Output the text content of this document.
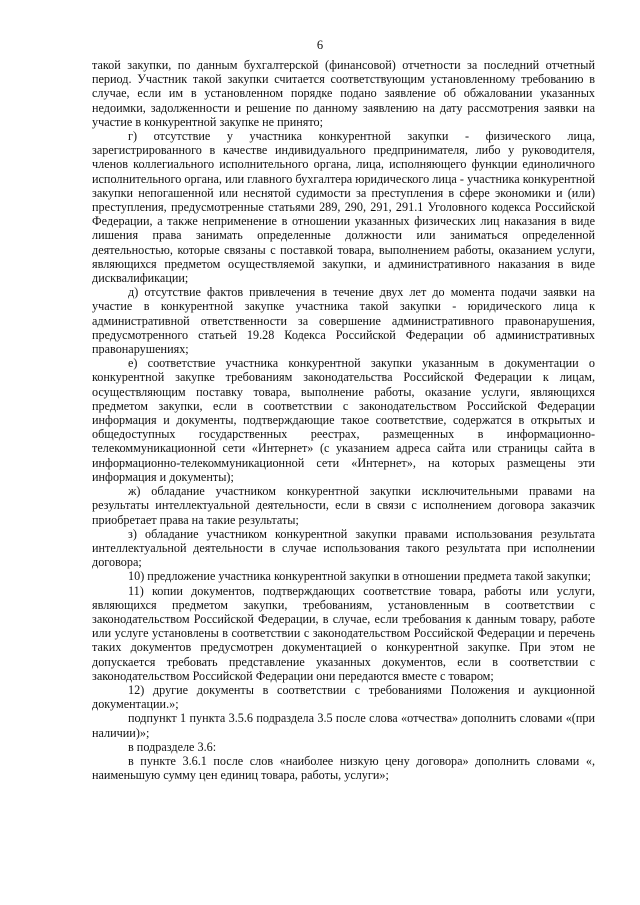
6

такой закупки, по данным бухгалтерской (финансовой) отчетности за последний отчетный период. Участник такой закупки считается соответствующим установленному требованию в случае, если им в установленном порядке подано заявление об обжаловании указанных недоимки, задолженности и решение по данному заявлению на дату рассмотрения заявки на участие в конкурентной закупке не принято;

г) отсутствие у участника конкурентной закупки - физического лица, зарегистрированного в качестве индивидуального предпринимателя, либо у руководителя, членов коллегиального исполнительного органа, лица, исполняющего функции единоличного исполнительного органа, или главного бухгалтера юридического лица - участника конкурентной закупки непогашенной или неснятой судимости за преступления в сфере экономики и (или) преступления, предусмотренные статьями 289, 290, 291, 291.1 Уголовного кодекса Российской Федерации, а также неприменение в отношении указанных физических лиц наказания в виде лишения права занимать определенные должности или заниматься определенной деятельностью, которые связаны с поставкой товара, выполнением работы, оказанием услуги, являющихся предметом осуществляемой закупки, и административного наказания в виде дисквалификации;

д) отсутствие фактов привлечения в течение двух лет до момента подачи заявки на участие в конкурентной закупке участника такой закупки - юридического лица к административной ответственности за совершение административного правонарушения, предусмотренного статьей 19.28 Кодекса Российской Федерации об административных правонарушениях;

е) соответствие участника конкурентной закупки указанным в документации о конкурентной закупке требованиям законодательства Российской Федерации к лицам, осуществляющим поставку товара, выполнение работы, оказание услуги, являющихся предметом закупки, если в соответствии с законодательством Российской Федерации информация и документы, подтверждающие такое соответствие, содержатся в открытых и общедоступных государственных реестрах, размещенных в информационно-телекоммуникационной сети «Интернет» (с указанием адреса сайта или страницы сайта в информационно-телекоммуникационной сети «Интернет», на которых размещены эти информация и документы);

ж) обладание участником конкурентной закупки исключительными правами на результаты интеллектуальной деятельности, если в связи с исполнением договора заказчик приобретает права на такие результаты;

з) обладание участником конкурентной закупки правами использования результата интеллектуальной деятельности в случае использования такого результата при исполнении договора;

10) предложение участника конкурентной закупки в отношении предмета такой закупки;

11) копии документов, подтверждающих соответствие товара, работы или услуги, являющихся предметом закупки, требованиям, установленным в соответствии с законодательством Российской Федерации, в случае, если требования к данным товару, работе или услуге установлены в соответствии с законодательством Российской Федерации и перечень таких документов предусмотрен документацией о конкурентной закупке. При этом не допускается требовать представление указанных документов, если в соответствии с законодательством Российской Федерации они передаются вместе с товаром;

12) другие документы в соответствии с требованиями Положения и аукционной документации.»;

подпункт 1 пункта 3.5.6 подраздела 3.5 после слова «отчества» дополнить словами «(при наличии)»;

в подразделе 3.6:

в пункте 3.6.1 после слов «наиболее низкую цену договора» дополнить словами «, наименьшую сумму цен единиц товара, работы, услуги»;
